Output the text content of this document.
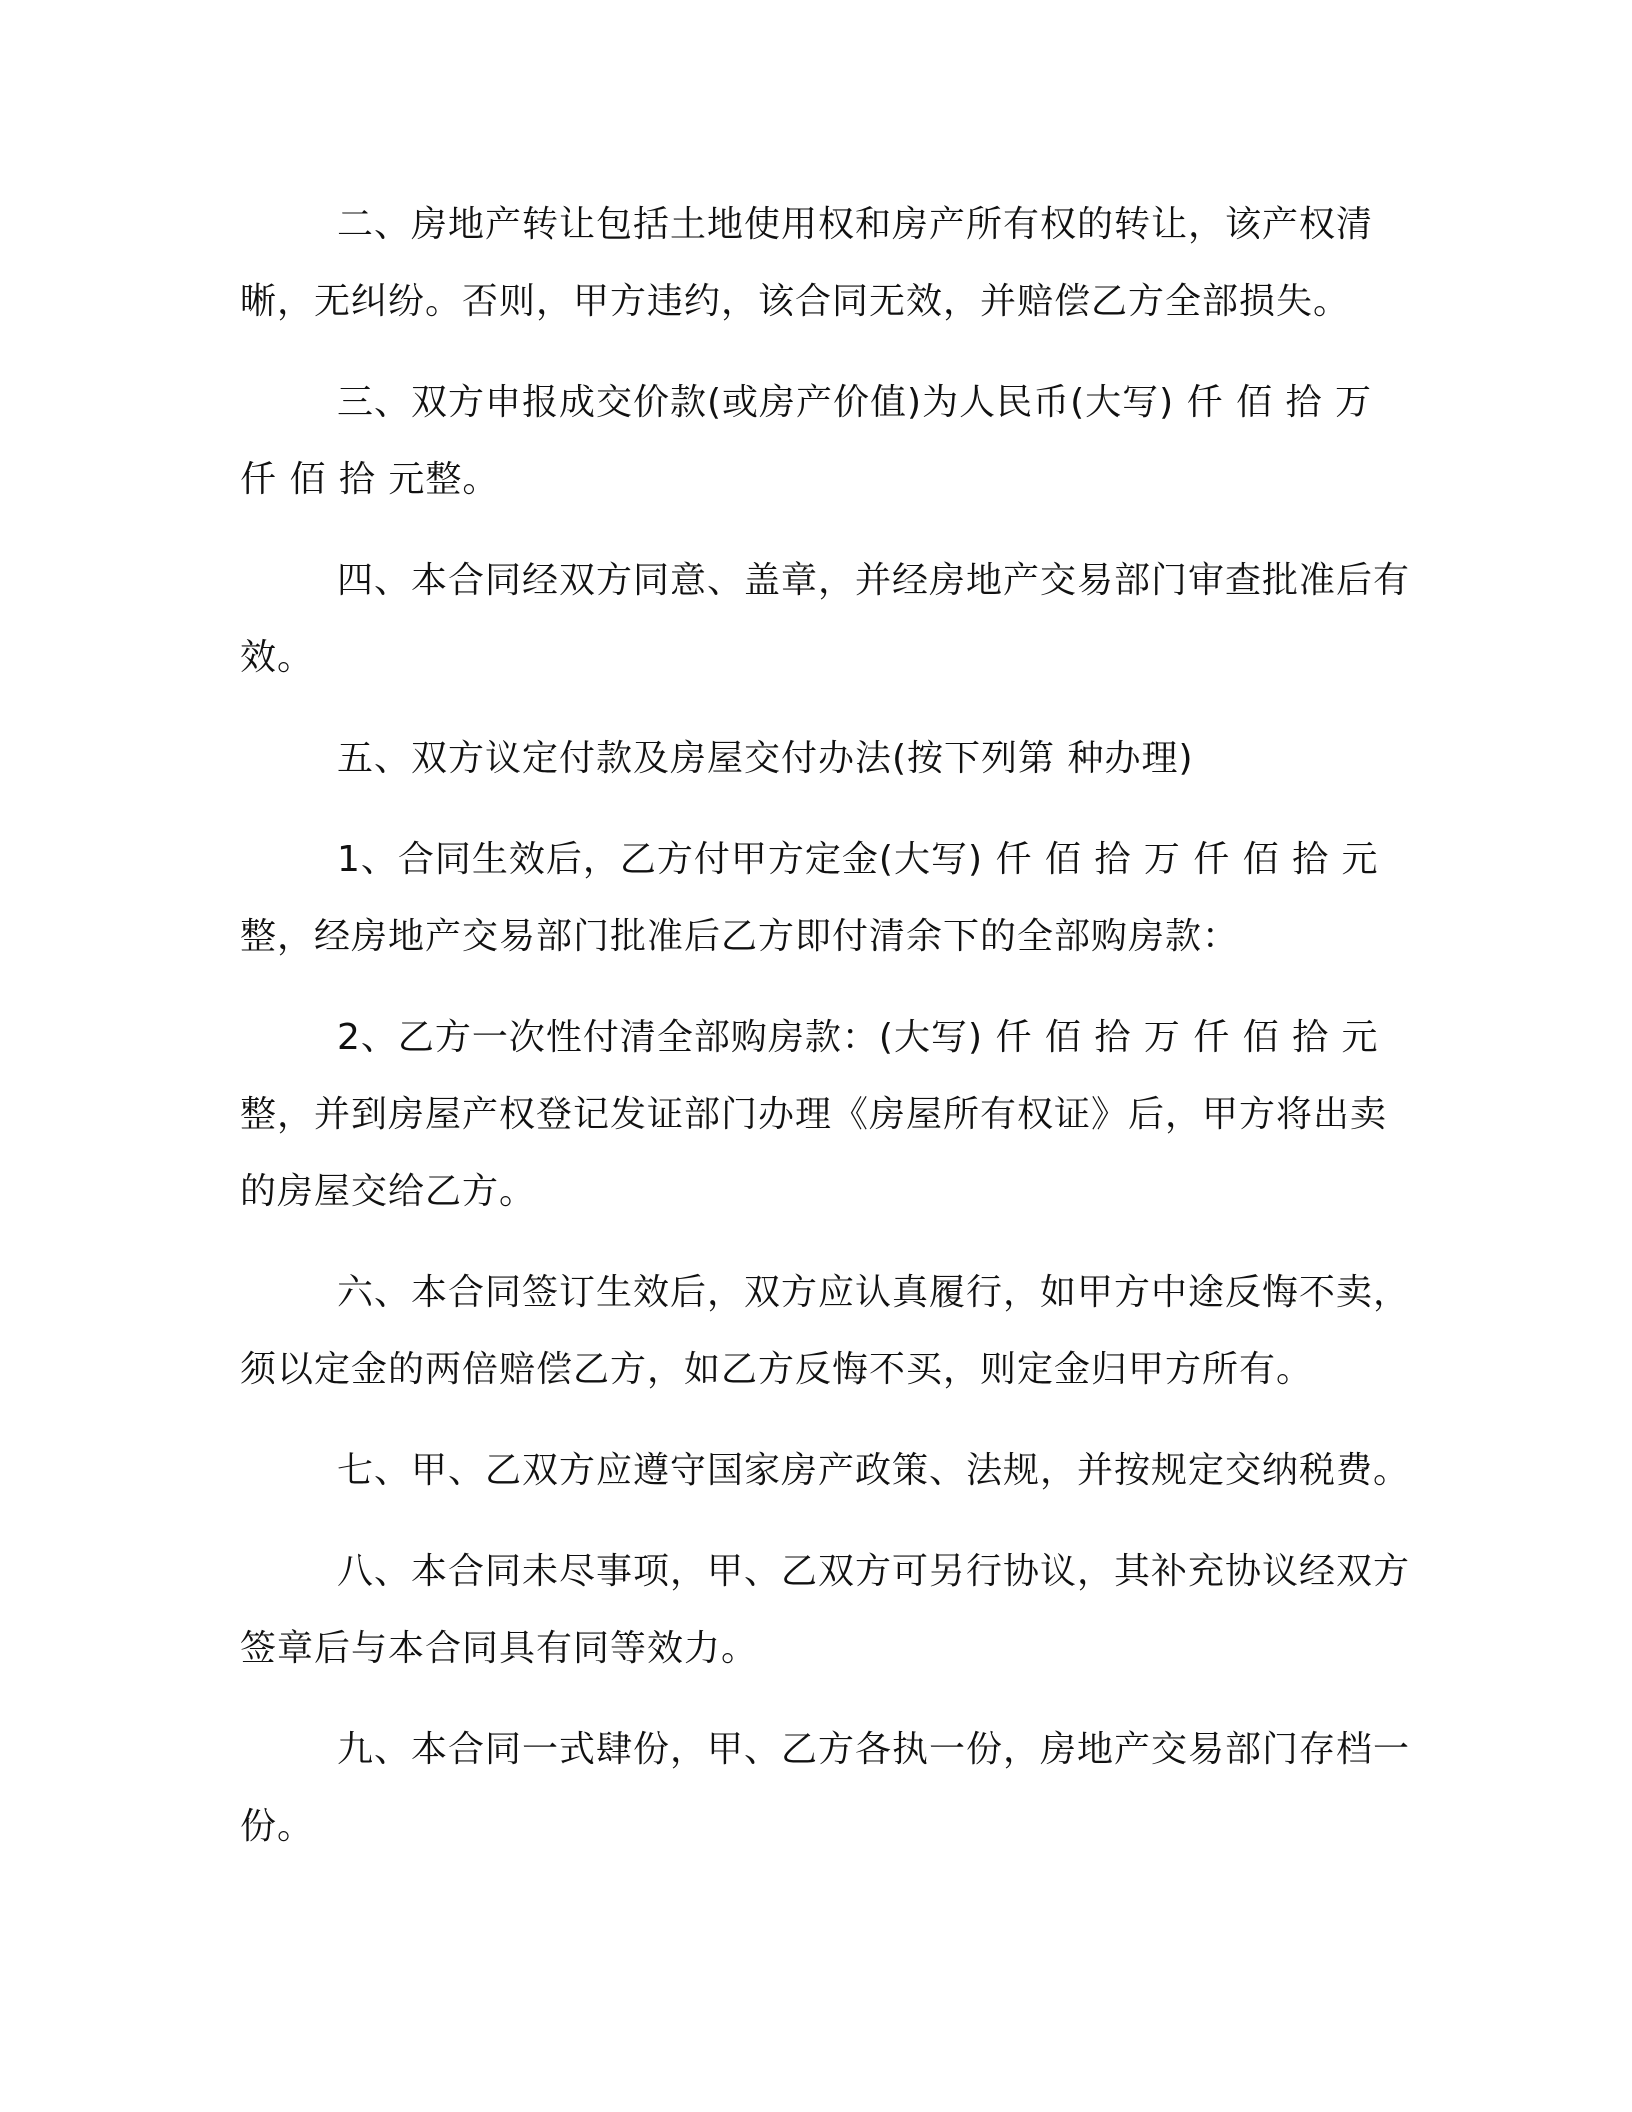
二、房地产转让包括土地使用权和房产所有权的转让，该产权清晰，无纠纷。否则，甲方违约，该合同无效，并赔偿乙方全部损失。

三、双方申报成交价款(或房产价值)为人民币(大写) 仟 佰 拾 万 仟 佰 拾 元整。

四、本合同经双方同意、盖章，并经房地产交易部门审查批准后有效。

五、双方议定付款及房屋交付办法(按下列第 种办理)

1、合同生效后，乙方付甲方定金(大写) 仟 佰 拾 万 仟 佰 拾 元整，经房地产交易部门批准后乙方即付清余下的全部购房款：

2、乙方一次性付清全部购房款：(大写) 仟 佰 拾 万 仟 佰 拾 元整，并到房屋产权登记发证部门办理《房屋所有权证》后，甲方将出卖的房屋交给乙方。

六、本合同签订生效后，双方应认真履行，如甲方中途反悔不卖，须以定金的两倍赔偿乙方，如乙方反悔不买，则定金归甲方所有。

七、甲、乙双方应遵守国家房产政策、法规，并按规定交纳税费。

八、本合同未尽事项，甲、乙双方可另行协议，其补充协议经双方签章后与本合同具有同等效力。

九、本合同一式肆份，甲、乙方各执一份，房地产交易部门存档一份。
